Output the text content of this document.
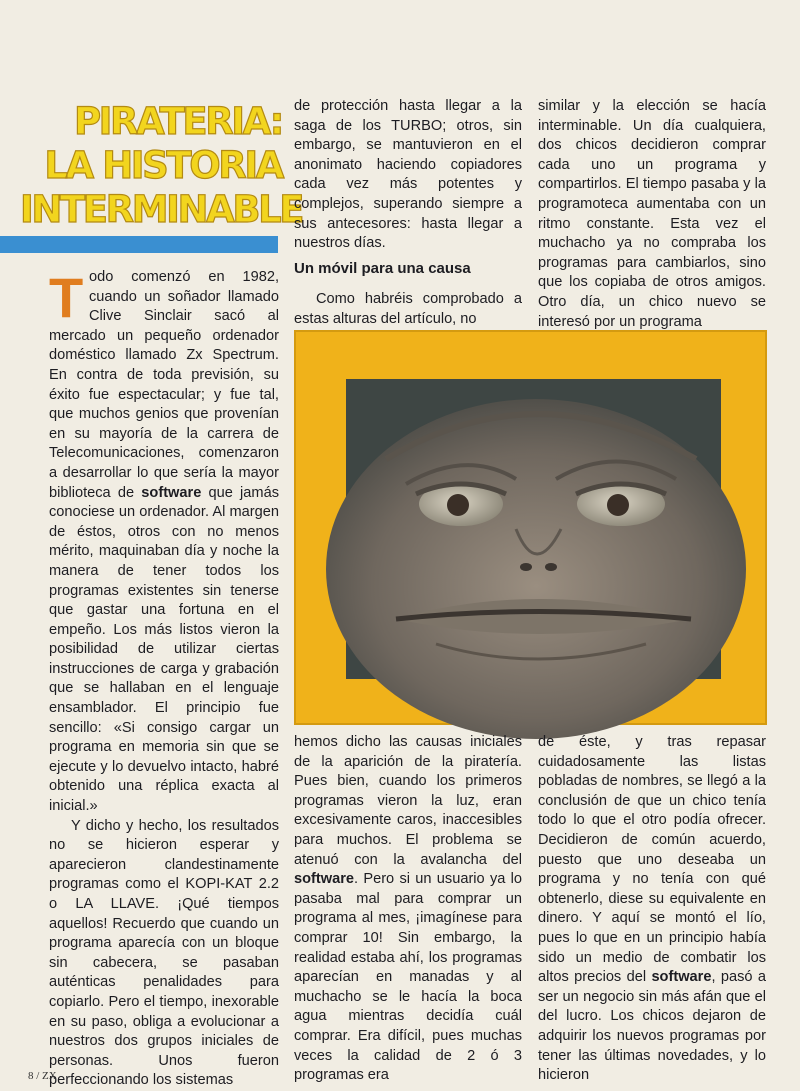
PIRATERIA:
LA HISTORIA
INTERMINABLE
T odo comenzó en 1982, cuando un soñador llamado Clive Sinclair sacó al mercado un pequeño ordenador doméstico llamado Zx Spectrum. En contra de toda previsión, su éxito fue espectacular; y fue tal, que muchos genios que provenían en su mayoría de la carrera de Telecomunicaciones, comenzaron a desarrollar lo que sería la mayor biblioteca de software que jamás conociese un ordenador. Al margen de éstos, otros con no menos mérito, maquinaban día y noche la manera de tener todos los programas existentes sin tenerse que gastar una fortuna en el empeño. Los más listos vieron la posibilidad de utilizar ciertas instrucciones de carga y grabación que se hallaban en el lenguaje ensamblador. El principio fue sencillo: «Si consigo cargar un programa en memoria sin que se ejecute y lo devuelvo intacto, habré obtenido una réplica exacta al inicial.»

Y dicho y hecho, los resultados no se hicieron esperar y aparecieron clandestinamente programas como el KOPI-KAT 2.2 o LA LLAVE. ¡Qué tiempos aquellos! Recuerdo que cuando un programa aparecía con un bloque sin cabecera, se pasaban auténticas penalidades para copiarlo. Pero el tiempo, inexorable en su paso, obliga a evolucionar a nuestros dos grupos iniciales de personas. Unos fueron perfeccionando los sistemas

de protección hasta llegar a la saga de los TURBO; otros, sin embargo, se mantuvieron en el anonimato haciendo copiadores cada vez más potentes y complejos, superando siempre a sus antecesores: hasta llegar a nuestros días.

Un móvil para una causa

Como habréis comprobado a estas alturas del artículo, no

similar y la elección se hacía interminable. Un día cualquiera, dos chicos decidieron comprar cada uno un programa y compartirlos. El tiempo pasaba y la programoteca aumentaba con un ritmo constante. Esta vez el muchacho ya no compraba los programas para cambiarlos, sino que los copiaba de otros amigos. Otro día, un chico nuevo se interesó por un programa

hemos dicho las causas iniciales de la aparición de la piratería. Pues bien, cuando los primeros programas vieron la luz, eran excesivamente caros, inaccesibles para muchos. El problema se atenuó con la avalancha del software. Pero si un usuario ya lo pasaba mal para comprar un programa al mes, ¡imagínese para comprar 10! Sin embargo, la realidad estaba ahí, los programas aparecían en manadas y al muchacho se le hacía la boca agua mientras decidía cuál comprar. Era difícil, pues muchas veces la calidad de 2 ó 3 programas era

de éste, y tras repasar cuidadosamente las listas pobladas de nombres, se llegó a la conclusión de que un chico tenía todo lo que el otro podía ofrecer. Decidieron de común acuerdo, puesto que uno deseaba un programa y no tenía con qué obtenerlo, diese su equivalente en dinero. Y aquí se montó el lío, pues lo que en un principio había sido un medio de combatir los altos precios del software, pasó a ser un negocio sin más afán que el del lucro. Los chicos dejaron de adquirir los nuevos programas por tener las últimas novedades, y lo hicieron

8 / ZX
